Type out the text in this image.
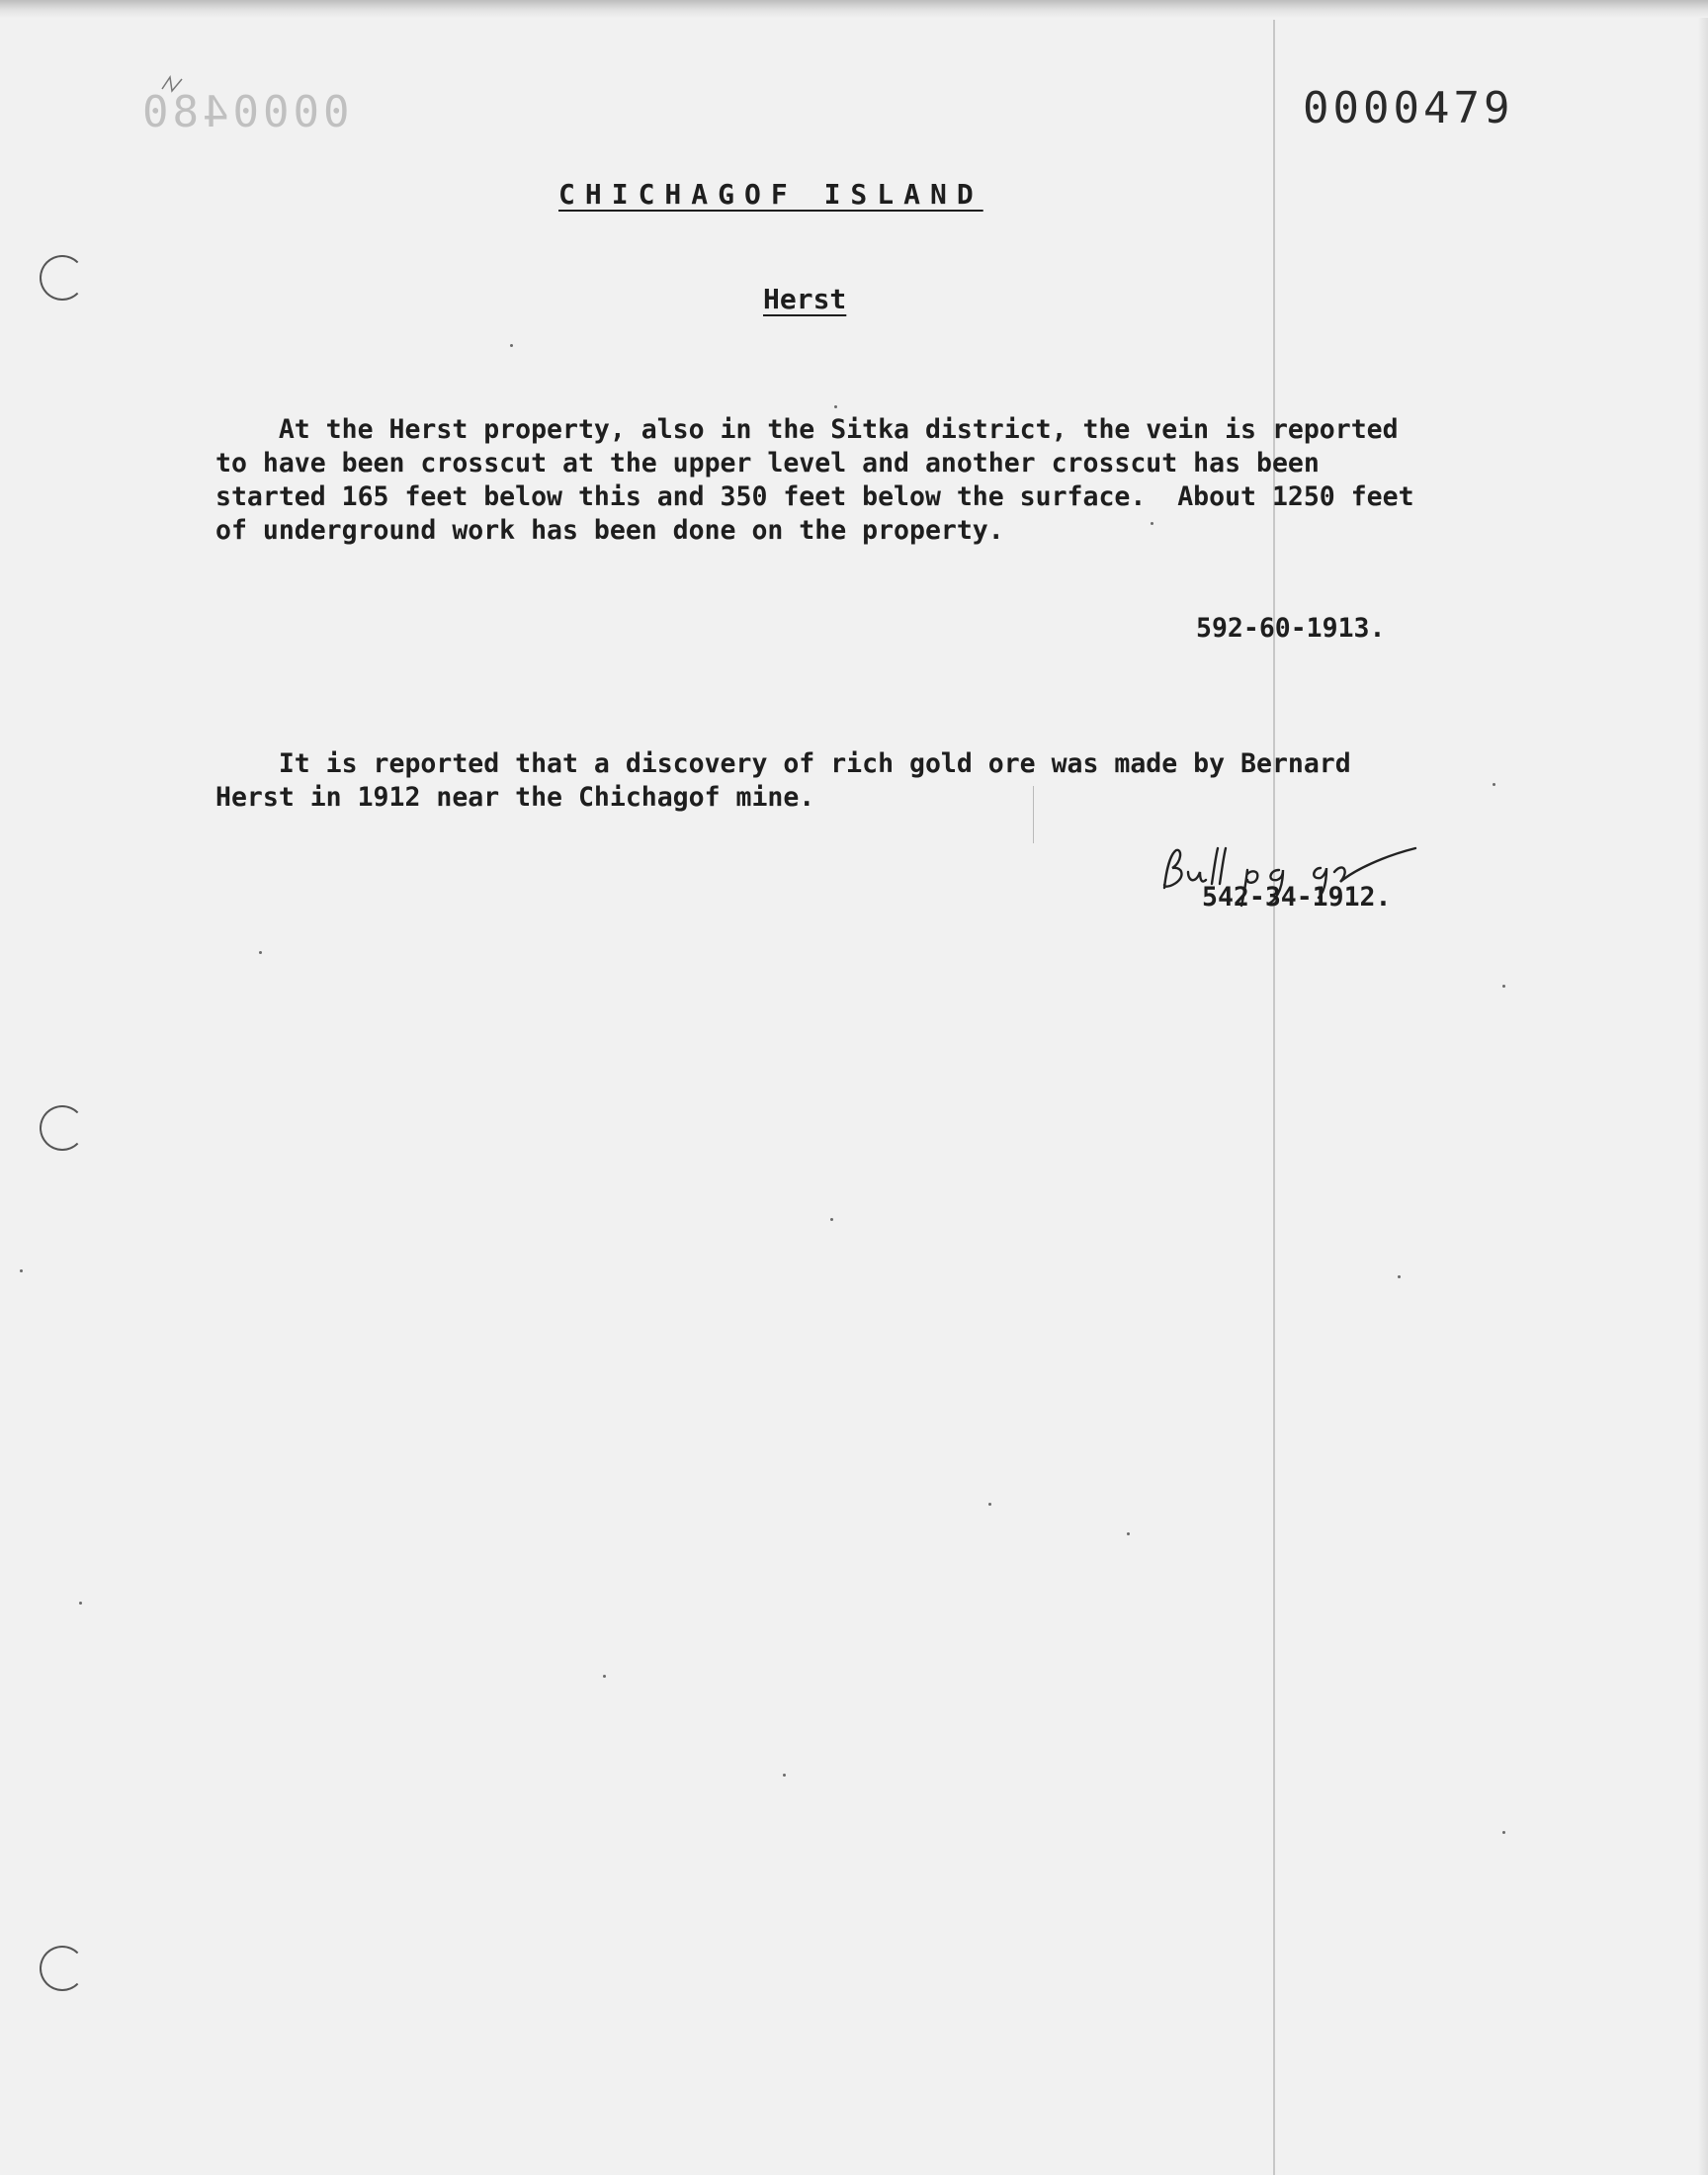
0000480	0000479
CHICHAGOF ISLAND
Herst
At the Herst property, also in the Sitka district, the vein is reported
to have been crosscut at the upper level and another crosscut has been
started 165 feet below this and 350 feet below the surface.  About 1250 feet
of underground work has been done on the property.
592-60-1913.
It is reported that a discovery of rich gold ore was made by Bernard
Herst in 1912 near the Chichagof mine.
542-34-1912.
